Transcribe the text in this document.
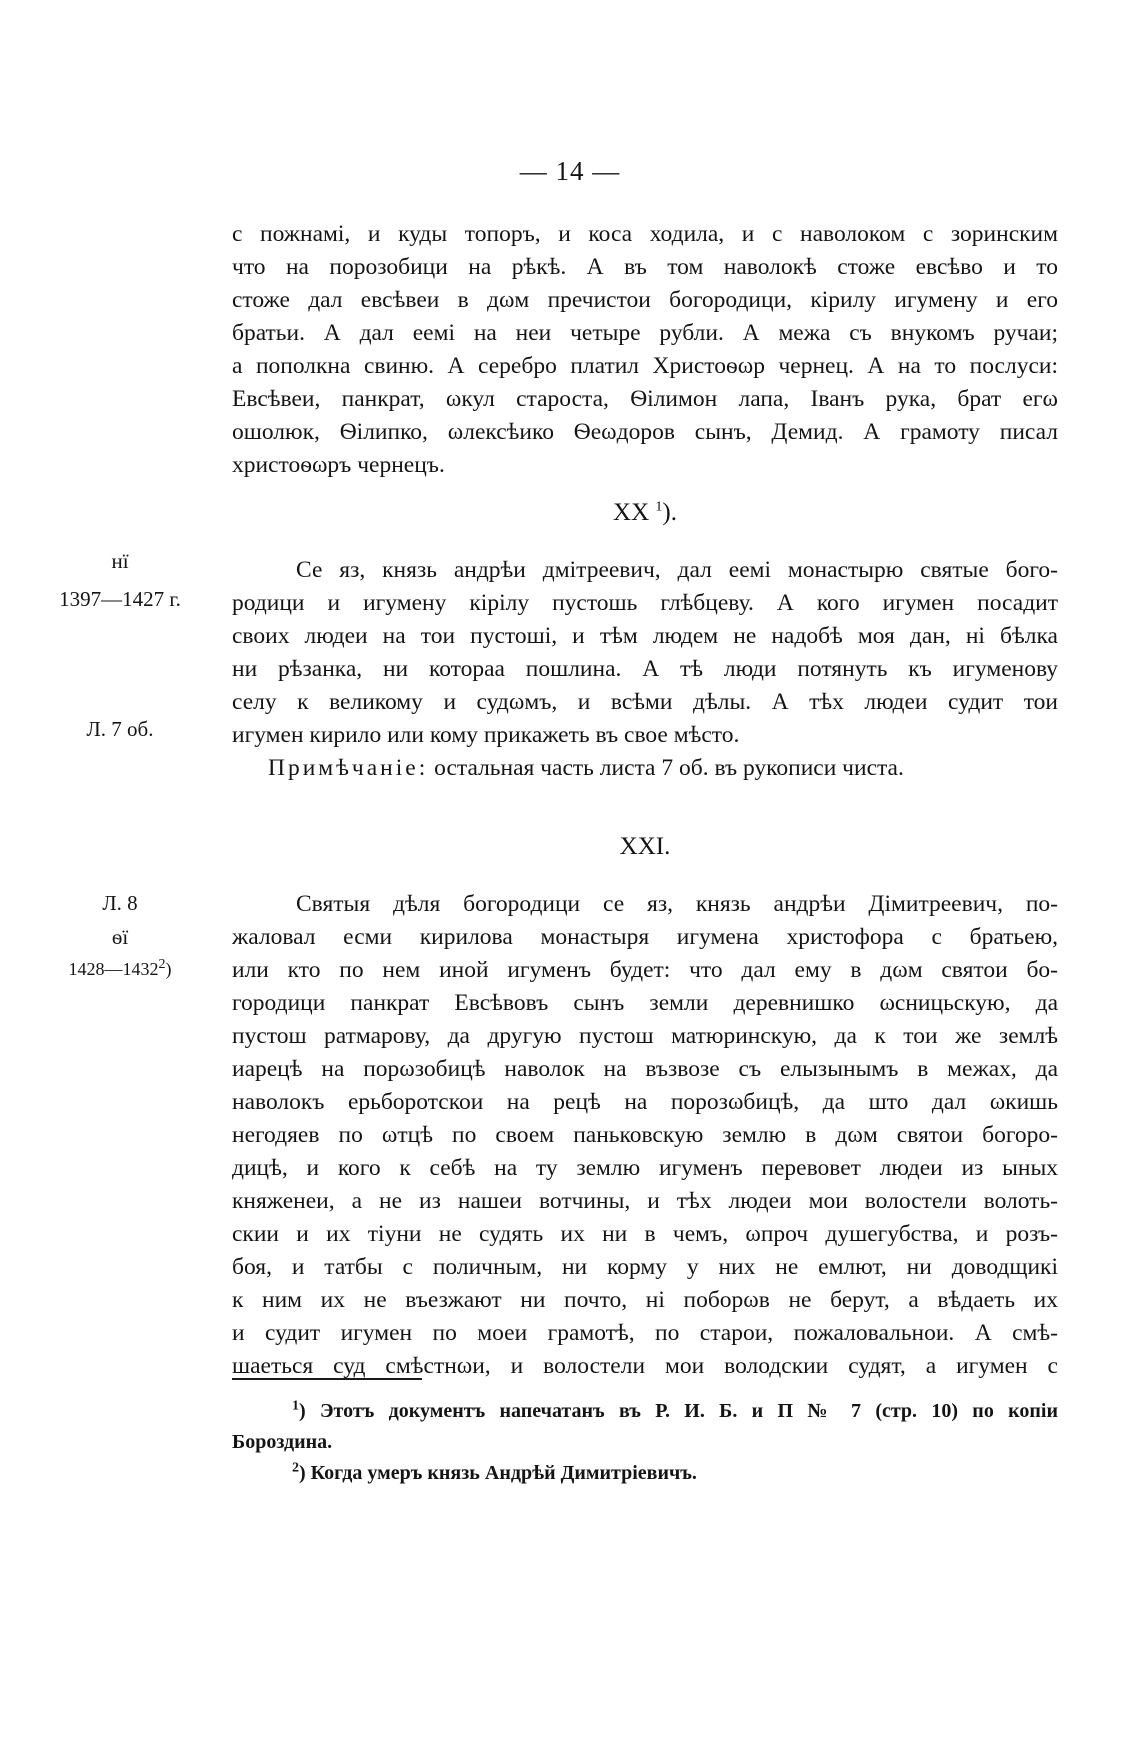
— 14 —
с пожнамі, и куды топоръ, и коса ходила, и с наволоком с зоринским
что на порозобици на рѣкѣ. А въ том наволокѣ стоже евсѣво и то
стоже дал евсѣвеи в дωм пречистои богородици, кірилу игумену и его
братьи. А дал еемі на неи четыре рубли. А межа съ внукомъ ручаи;
а пополкна свиню. А серебро платил Христоѳωр чернец. А на то послуси:
Евсѣвеи, панкрат, ωкул староста, Ѳілимон лапа, Іванъ рука, брат егω
ошолюк, Ѳілипко, ωлексѣико Ѳеωдоров сынъ, Демид. А грамоту писал
христоѳωръ чернецъ.
XX $^1$).
нї
1397—1427 г.
Л. 7 об.
Се яз, князь андрѣи дмітреевич, дал еемі монастырю святые бого-
родици и игумену кірілу пустошь глѣбцеву. А кого игумен посадит
своих людеи на тои пустоші, и тѣм людем не надобѣ моя дан, ні бѣлка
ни рѣзанка, ни котораа пошлина. А тѣ люди потянуть къ игуменову
селу к великому и судωмъ, и всѣми дѣлы. А тѣх людеи судит тои
игумен кирило или кому прикажеть въ свое мѣсто.
Примѣчаніе: остальная часть листа 7 об. въ рукописи чиста.
XXI.
Л. 8
ѳї
1428—1432$^2$)
Святыя дѣля богородици се яз, князь андрѣи Дімитреевич, по-
жаловал есми кирилова монастыря игумена христофора с братьею,
или кто по нем иной игуменъ будет: что дал ему в дωм святои бо-
городици панкрат Евсѣвовъ сынъ земли деревнишко ωсницьскую, да
пустош ратмарову, да другую пустош матюринскую, да к тои же землѣ
иарецѣ на порωзобицѣ наволок на възвозе съ елызынымъ в межах, да
наволокъ ерьборотскои на рецѣ на порозωбицѣ, да што дал ωкишь
негодяев по ωтцѣ по своем паньковскую землю в дωм святои богоро-
дицѣ, и кого к себѣ на ту землю игуменъ перевовет людеи из ыных
княженеи, а не из нашеи вотчины, и тѣх людеи мои волостели волоть-
скии и их тіуни не судять их ни в чемъ, ωпроч душегубства, и розъ-
боя, и татбы с поличным, ни корму у них не емлют, ни доводщикі
к ним их не въезжают ни почто, ні поборωв не берут, а вѣдаеть их
и судит игумен по моеи грамотѣ, по старои, пожаловальнои. А смѣ-
шаеться суд смѣстнωи, и волостели мои володскии судят, а игумен с
$^1$) Этотъ документъ напечатанъ въ Р. И. Б. и П № 7 (стр. 10) по копіи
Бороздина.
$^2$) Когда умеръ князь Андрѣй Димитріевичъ.
